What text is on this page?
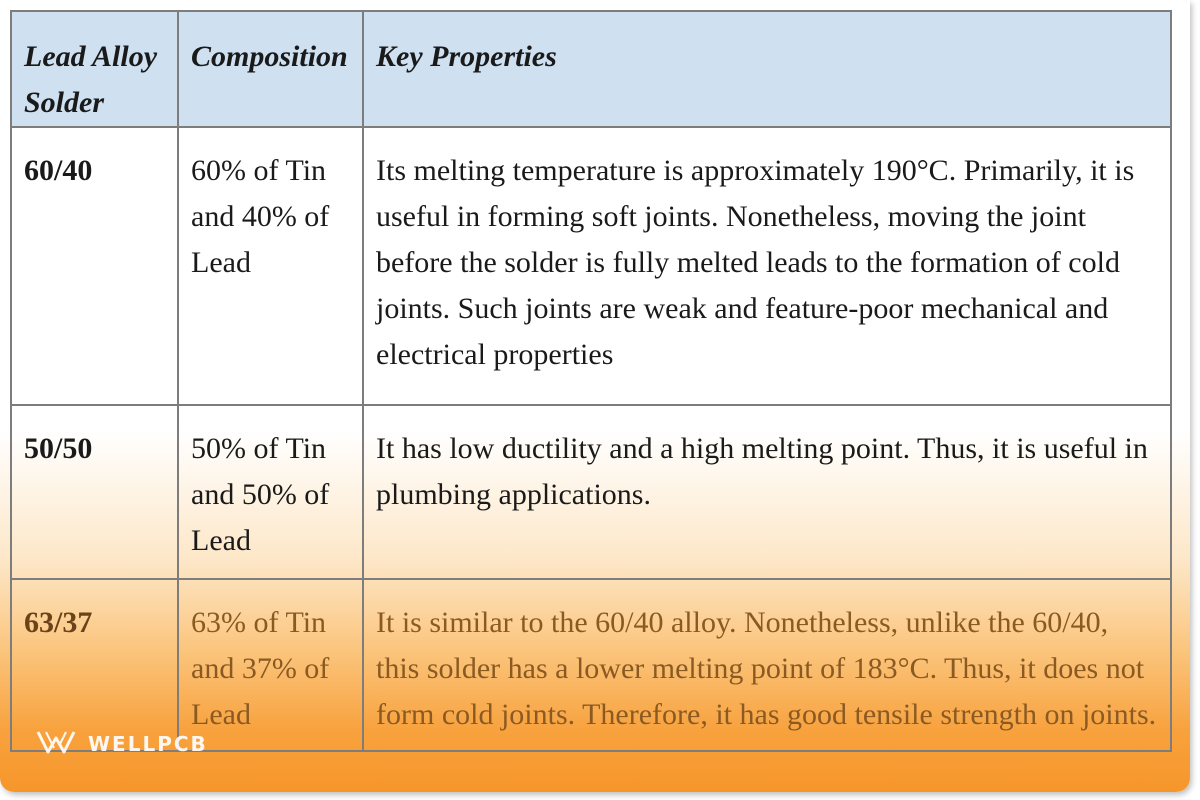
Lead Alloy Solder	Composition	Key Properties
60/40	60% of Tin and 40% of Lead	Its melting temperature is approximately 190°C. Primarily, it is useful in forming soft joints. Nonetheless, moving the joint before the solder is fully melted leads to the formation of cold joints. Such joints are weak and feature-poor mechanical and electrical properties
50/50	50% of Tin and 50% of Lead	It has low ductility and a high melting point. Thus, it is useful in plumbing applications.
63/37	63% of Tin and 37% of Lead	It is similar to the 60/40 alloy. Nonetheless, unlike the 60/40, this solder has a lower melting point of 183°C. Thus, it does not form cold joints. Therefore, it has good tensile strength on joints.
WELLPCB
